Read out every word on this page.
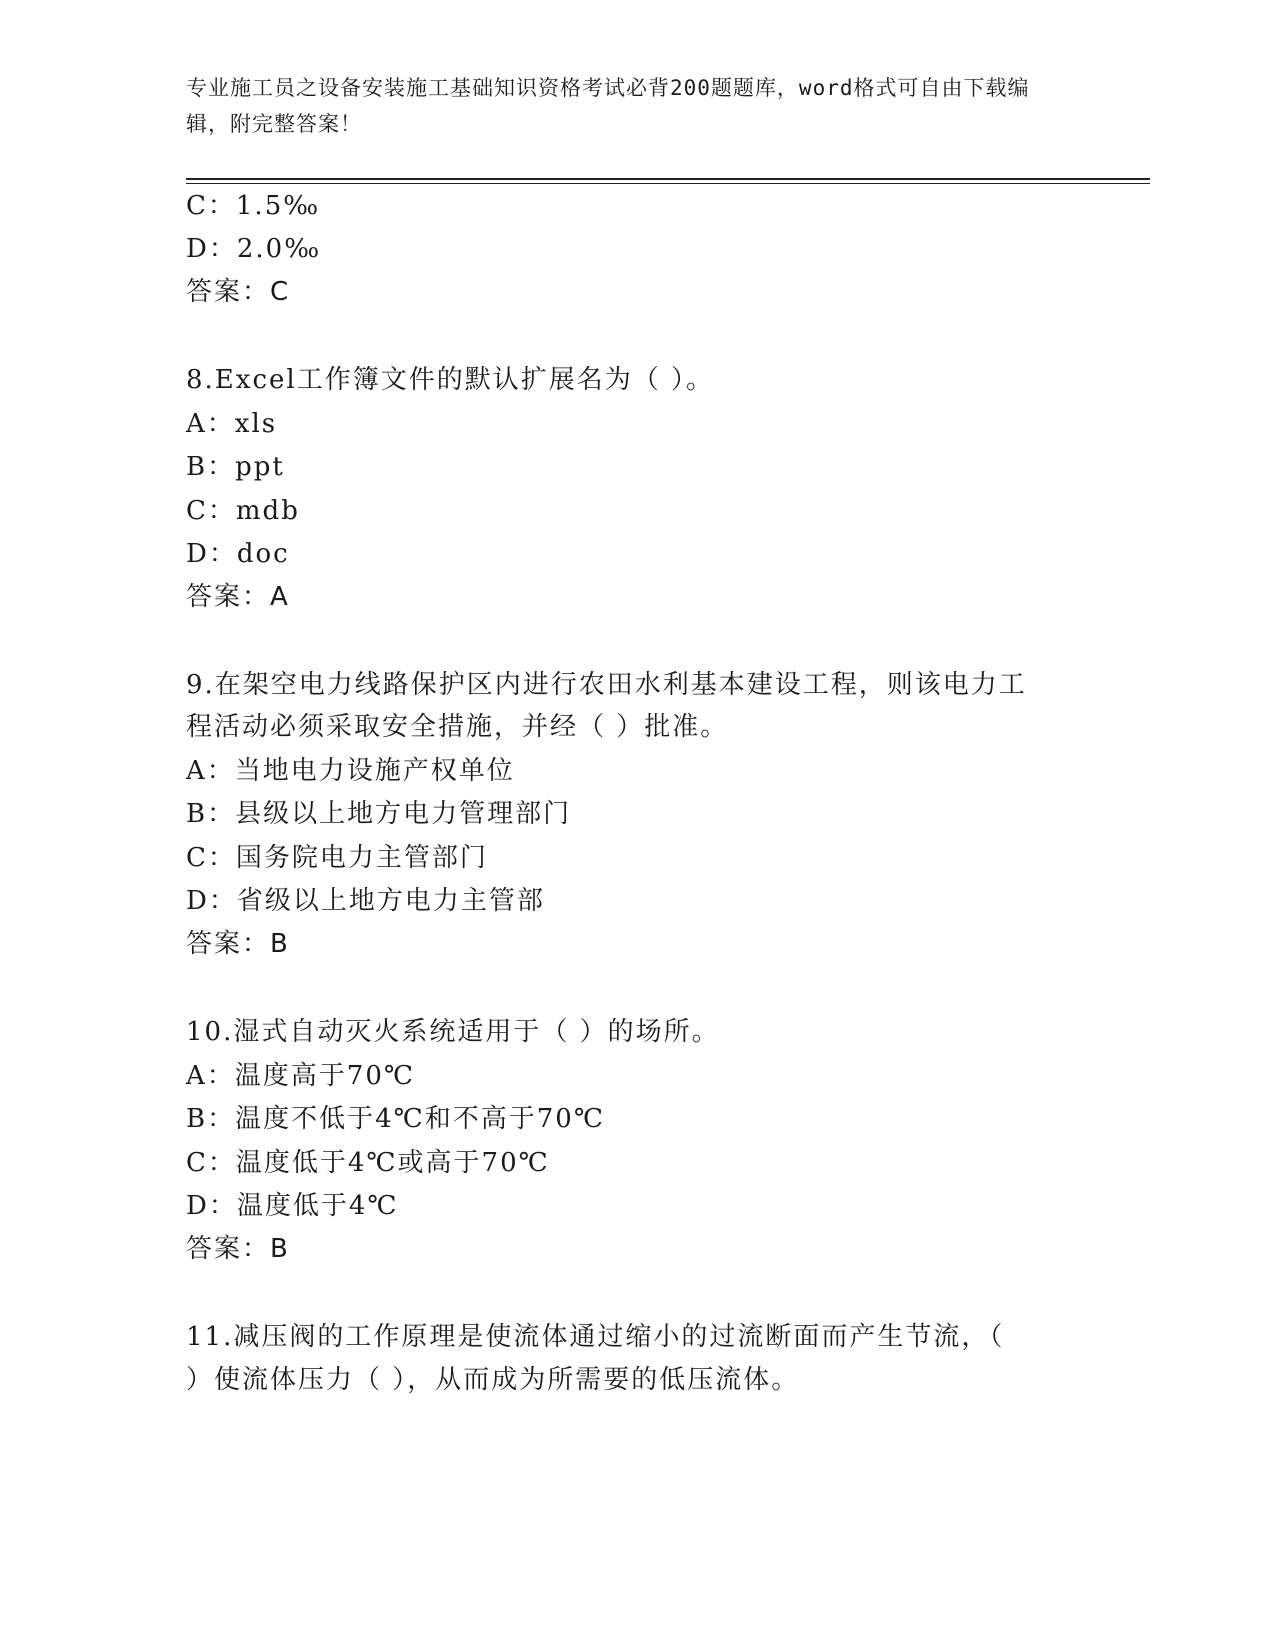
专业施工员之设备安装施工基础知识资格考试必背200题题库，word格式可自由下载编辑，附完整答案！
C：1.5‰
D：2.0‰
答案：C
8.Excel工作簿文件的默认扩展名为（ ）。
A：xls
B：ppt
C：mdb
D：doc
答案：A
9.在架空电力线路保护区内进行农田水利基本建设工程，则该电力工
程活动必须采取安全措施，并经（ ）批准。
A：当地电力设施产权单位
B：县级以上地方电力管理部门
C：国务院电力主管部门
D：省级以上地方电力主管部
答案：B
10.湿式自动灭火系统适用于（ ）的场所。
A：温度高于70℃
B：温度不低于4℃和不高于70℃
C：温度低于4℃或高于70℃
D：温度低于4℃
答案：B
11.减压阀的工作原理是使流体通过缩小的过流断面而产生节流，（
）使流体压力（ ），从而成为所需要的低压流体。
